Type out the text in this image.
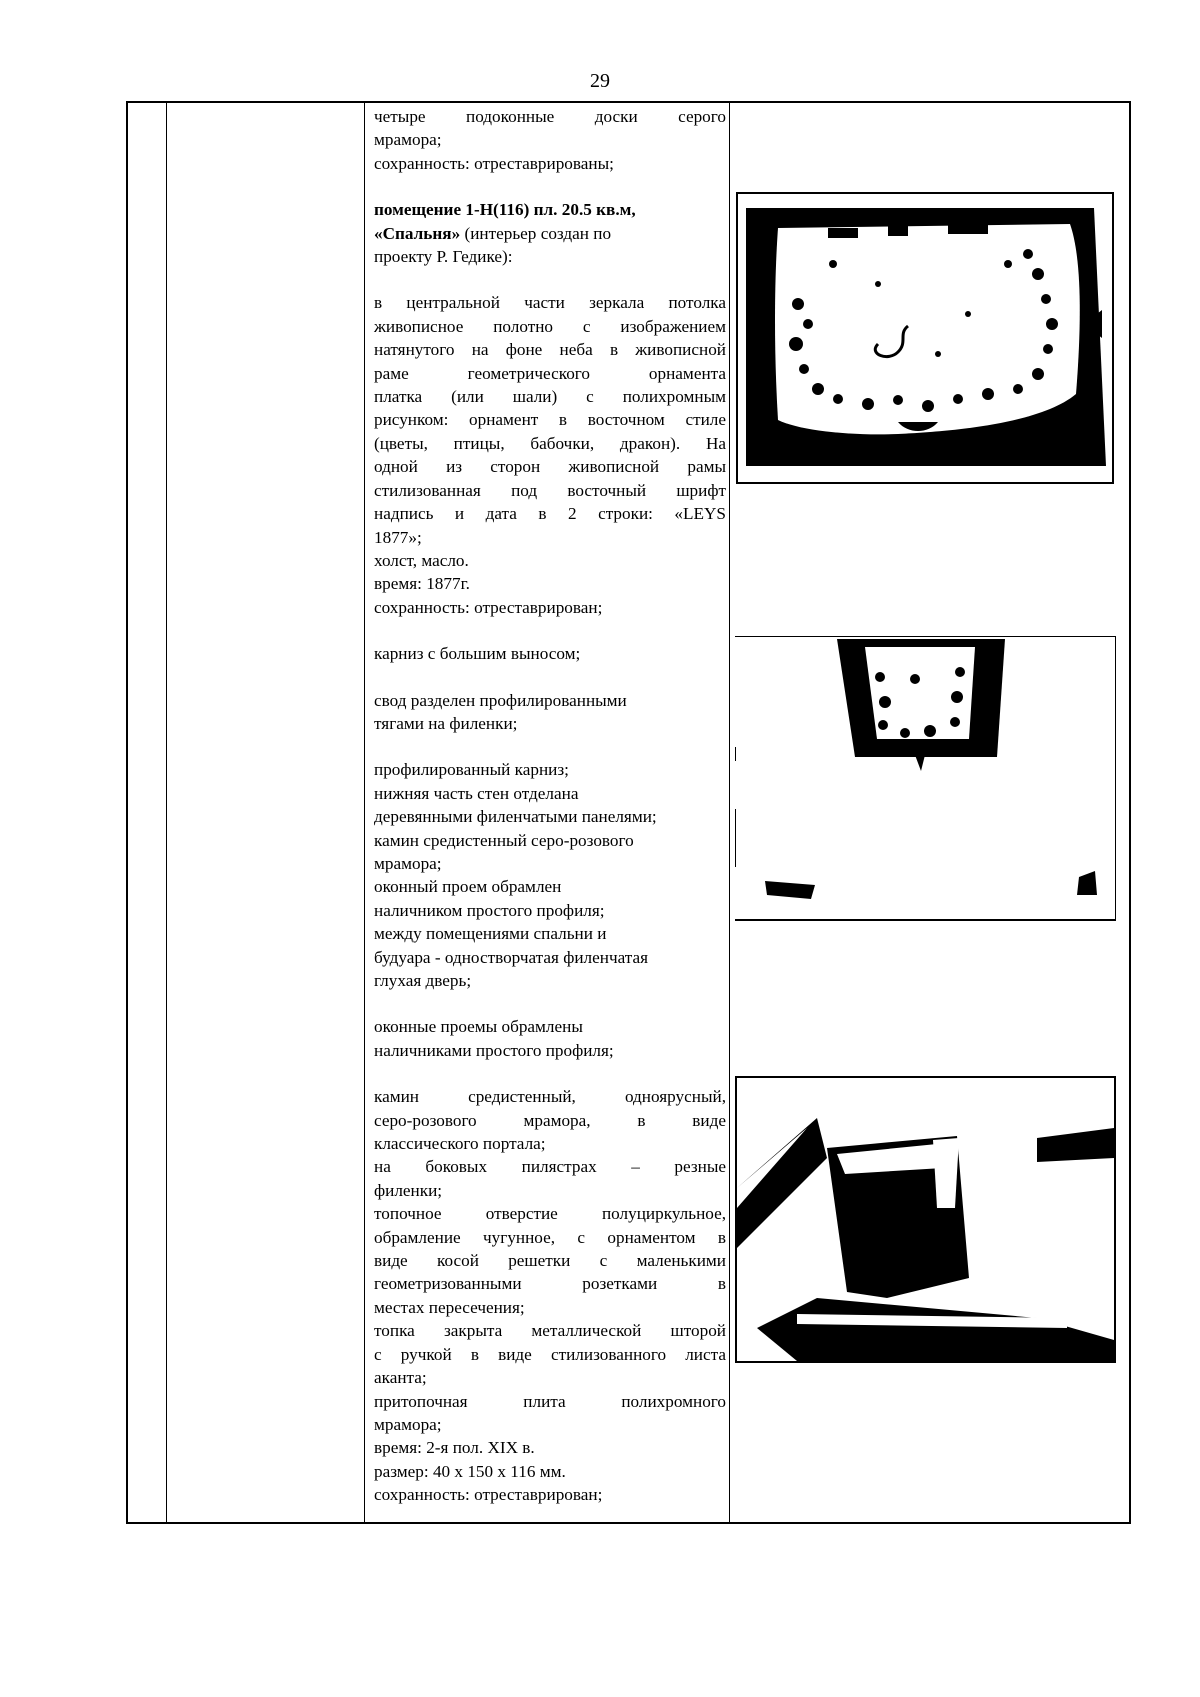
29

четыре подоконные доски серого

мрамора;

сохранность: отреставрированы;

помещение 1-Н(116) пл. 20.5 кв.м,

«Спальня» (интерьер создан по

проекту Р. Гедике):

в центральной части зеркала потолка

живописное полотно с изображением

натянутого на фоне неба в живописной

раме геометрического орнамента

платка (или шали) с полихромным

рисунком: орнамент в восточном стиле

(цветы, птицы, бабочки, дракон). На

одной из сторон живописной рамы

стилизованная под восточный шрифт

надпись и дата в 2 строки: «LEYS

1877»;

холст, масло.

время: 1877г.

сохранность: отреставрирован;

карниз с большим выносом;

свод разделен профилированными

тягами на филенки;

профилированный карниз;

нижняя часть стен отделана

деревянными филенчатыми панелями;

камин средистенный серо-розового

мрамора;

оконный проем обрамлен

наличником простого профиля;

между помещениями спальни и

будуара - одностворчатая филенчатая

глухая дверь;

оконные проемы обрамлены

наличниками простого профиля;

камин средистенный, одноярусный,

серо-розового мрамора, в виде

классического портала;

на боковых пилястрах – резные

филенки;

топочное отверстие полуциркульное,

обрамление чугунное, с орнаментом в

виде косой решетки с маленькими

геометризованными розетками в

местах пересечения;

топка закрыта металлической шторой

с ручкой в виде стилизованного листа

аканта;

притопочная плита полихромного

мрамора;

время: 2-я пол. XIX в.

размер: 40 х 150 х 116 мм.

сохранность: отреставрирован;
